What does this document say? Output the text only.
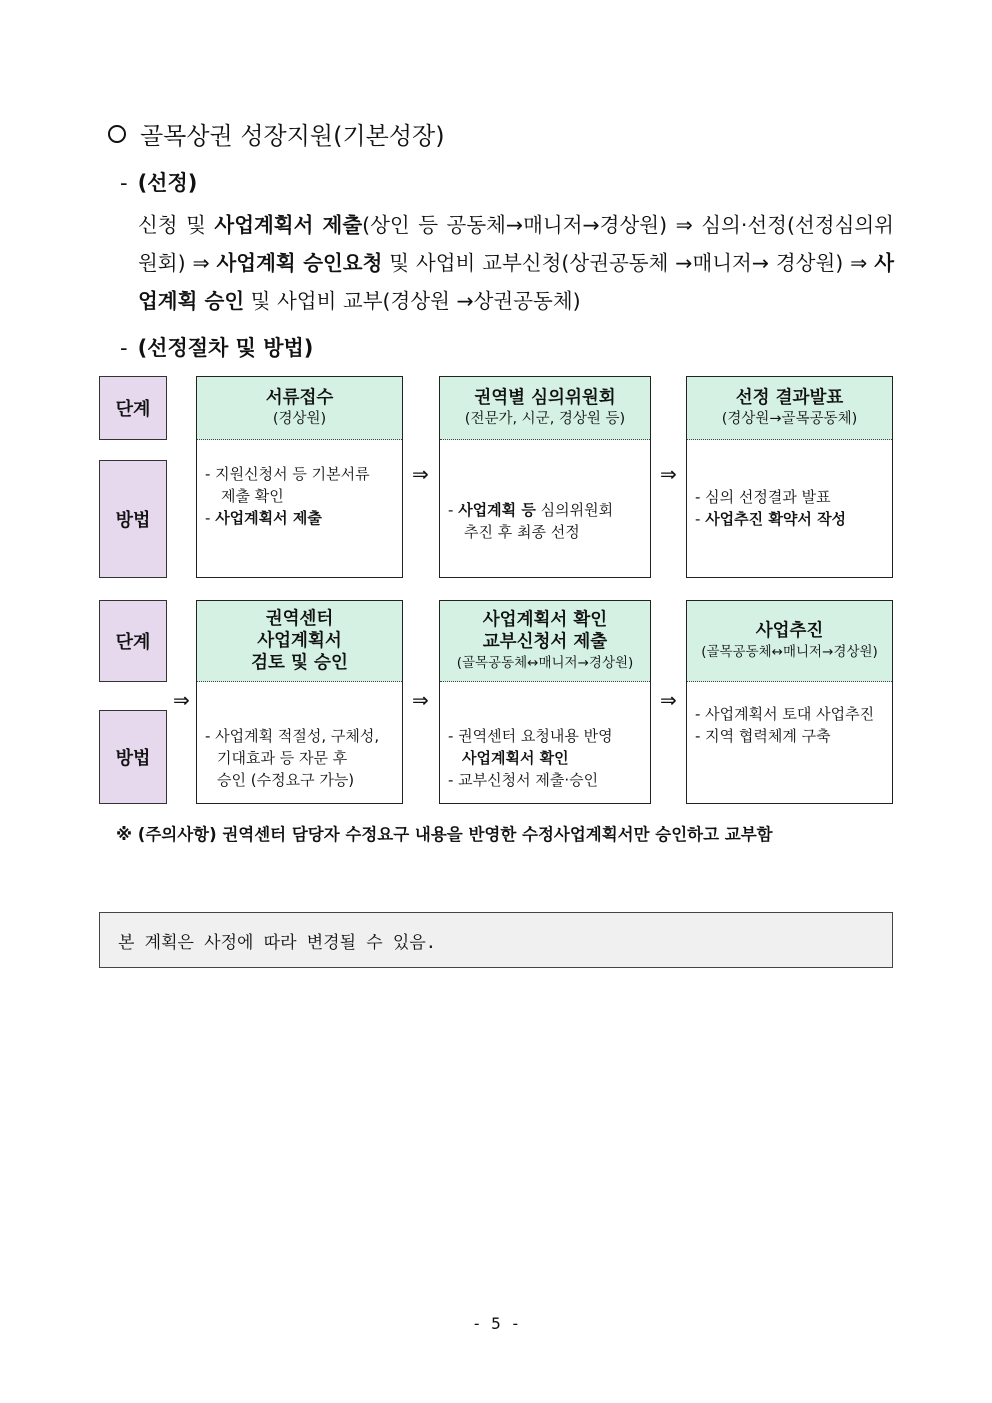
골목상권 성장지원(기본성장)
- (선정)
신청 및 사업계획서 제출(상인 등 공동체→매니저→경상원) ⇒ 심의·선정(선정심의위원회) ⇒ 사업계획 승인요청 및 사업비 교부신청(상권공동체 →매니저→ 경상원) ⇒ 사업계획 승인 및 사업비 교부(경상원 →상권공동체)
- (선정절차 및 방법)
단계
방법
서류접수
(경상원)
- 지원신청서 등 기본서류
제출 확인
- 사업계획서 제출
⇒
권역별 심의위원회
(전문가, 시군, 경상원 등)
- 사업계획 등 심의위원회
추진 후 최종 선정
⇒
선정 결과발표
(경상원→골목공동체)
- 심의 선정결과 발표
- 사업추진 확약서 작성
단계
방법
⇒
권역센터
사업계획서
검토 및 승인
- 사업계획 적절성, 구체성,
기대효과 등 자문 후
승인 (수정요구 가능)
⇒
사업계획서 확인
교부신청서 제출
(골목공동체↔매니저→경상원)
- 권역센터 요청내용 반영
사업계획서 확인
- 교부신청서 제출·승인
⇒
사업추진
(골목공동체↔매니저→경상원)
- 사업계획서 토대 사업추진
- 지역 협력체계 구축
※ (주의사항) 권역센터 담당자 수정요구 내용을 반영한 수정사업계획서만 승인하고 교부함
본 계획은 사정에 따라 변경될 수 있음.
- 5 -
